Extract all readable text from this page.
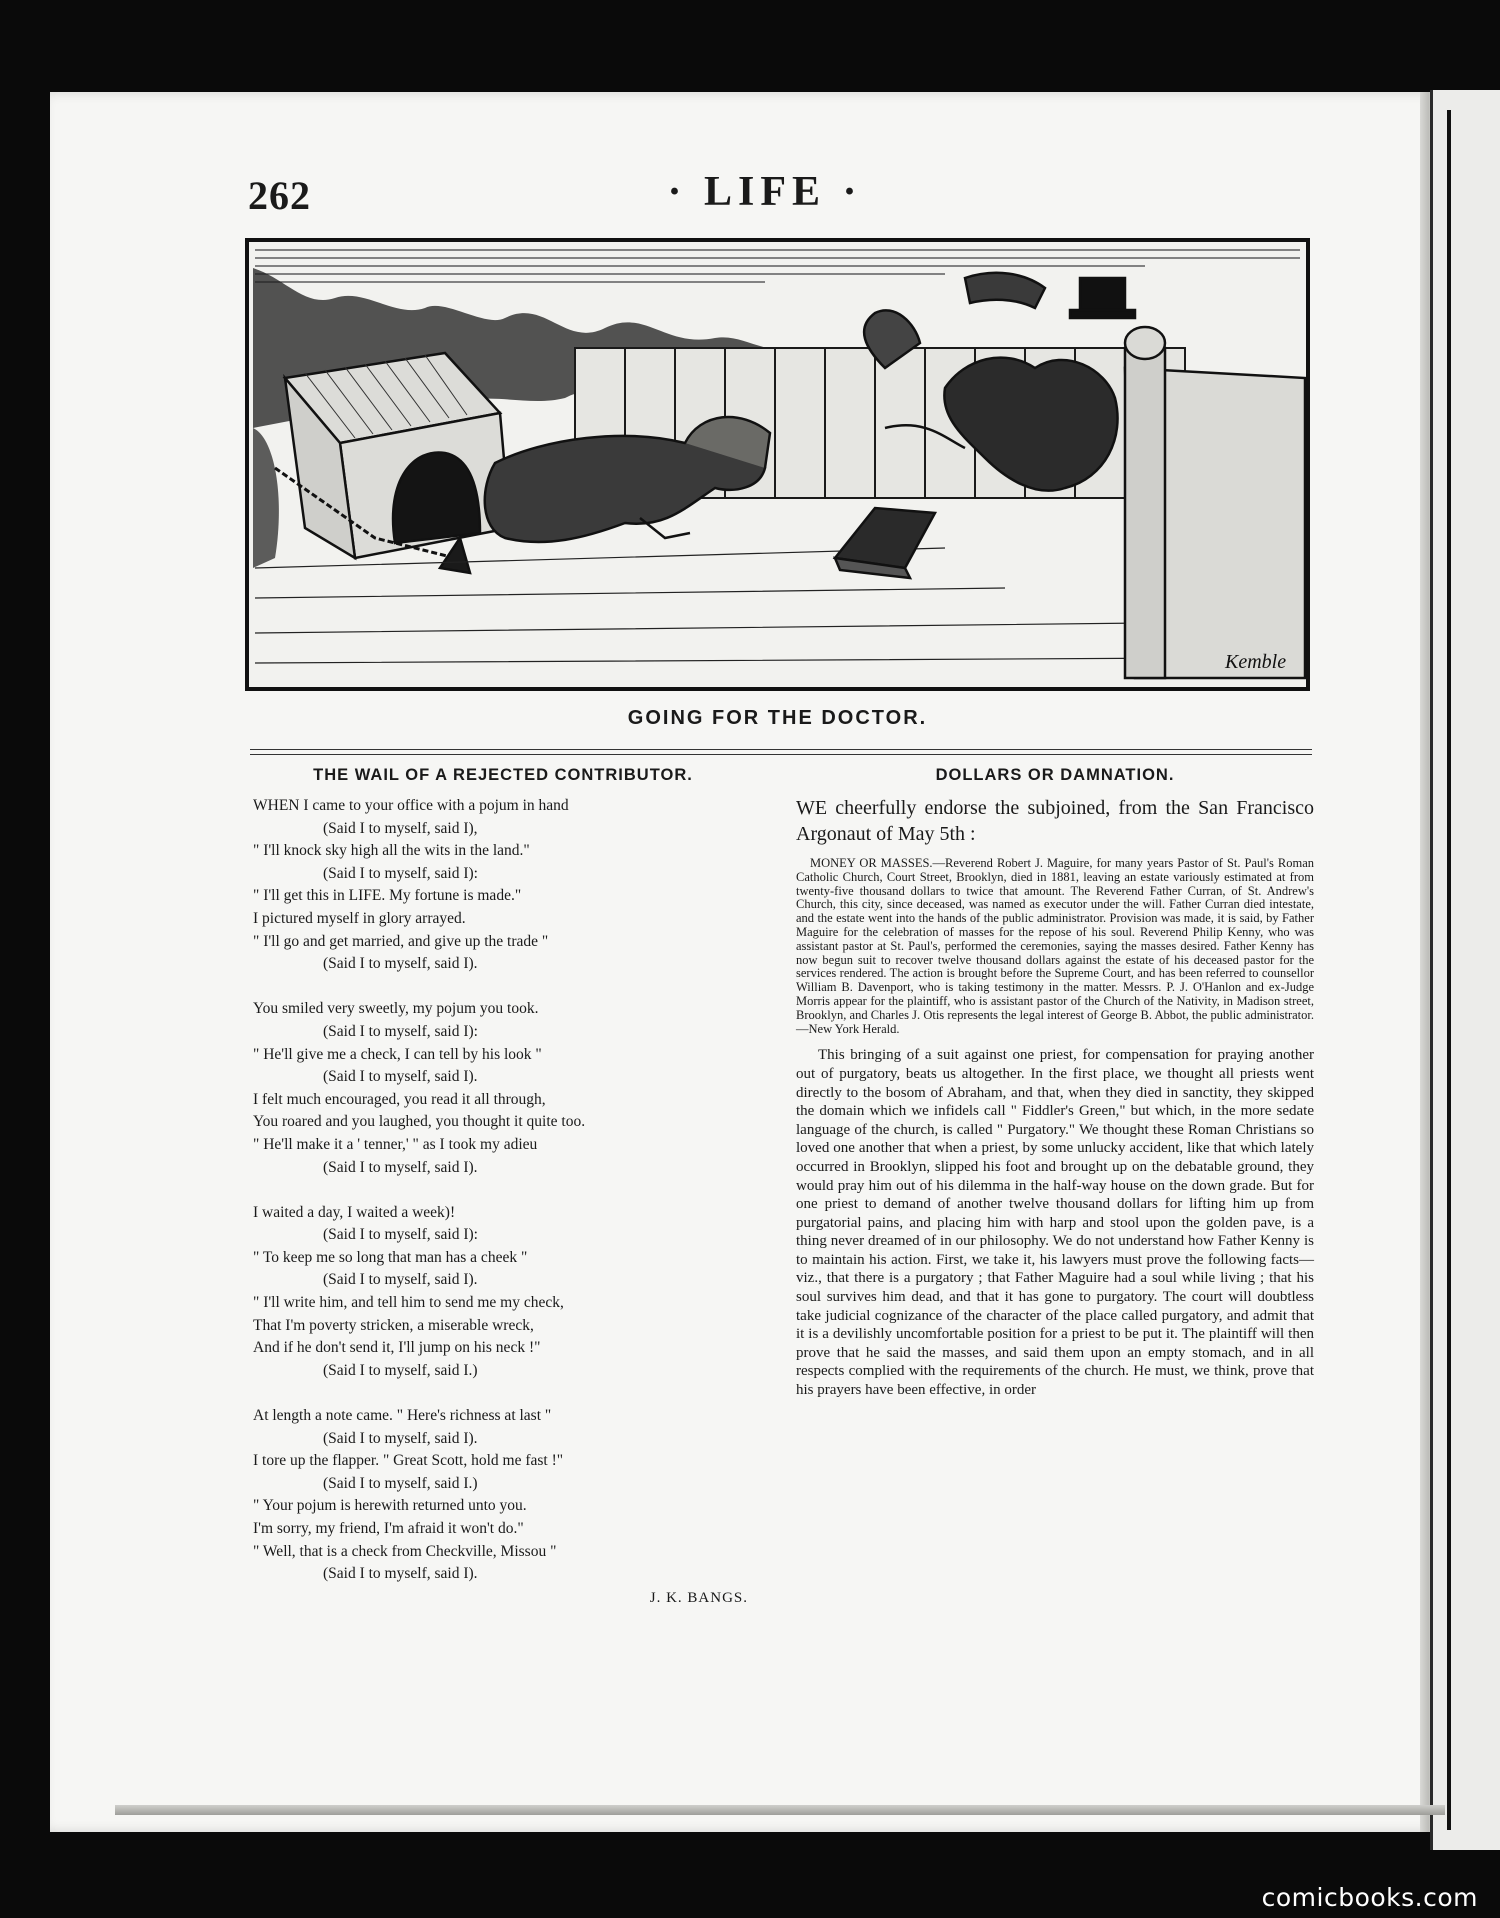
262	· LIFE ·
Kemble
GOING FOR THE DOCTOR.
THE WAIL OF A REJECTED CONTRIBUTOR.
WHEN I came to your office with a pojum in hand
(Said I to myself, said I),
" I'll knock sky high all the wits in the land."
(Said I to myself, said I):
" I'll get this in LIFE. My fortune is made."
I pictured myself in glory arrayed.
" I'll go and get married, and give up the trade "
(Said I to myself, said I).
You smiled very sweetly, my pojum you took.
(Said I to myself, said I):
" He'll give me a check, I can tell by his look "
(Said I to myself, said I).
I felt much encouraged, you read it all through,
You roared and you laughed, you thought it quite too.
" He'll make it a ' tenner,' " as I took my adieu
(Said I to myself, said I).
I waited a day, I waited a week)!
(Said I to myself, said I):
" To keep me so long that man has a cheek "
(Said I to myself, said I).
" I'll write him, and tell him to send me my check,
That I'm poverty stricken, a miserable wreck,
And if he don't send it, I'll jump on his neck !"
(Said I to myself, said I.)
At length a note came. " Here's richness at last "
(Said I to myself, said I).
I tore up the flapper. " Great Scott, hold me fast !"
(Said I to myself, said I.)
" Your pojum is herewith returned unto you.
I'm sorry, my friend, I'm afraid it won't do."
" Well, that is a check from Checkville, Missou "
(Said I to myself, said I).
J. K. BANGS.
DOLLARS OR DAMNATION.
WE cheerfully endorse the subjoined, from the San Francisco Argonaut of May 5th :
MONEY OR MASSES.—Reverend Robert J. Maguire, for many years Pastor of St. Paul's Roman Catholic Church, Court Street, Brooklyn, died in 1881, leaving an estate variously estimated at from twenty-five thousand dollars to twice that amount. The Reverend Father Curran, of St. Andrew's Church, this city, since deceased, was named as executor under the will. Father Curran died intestate, and the estate went into the hands of the public administrator. Provision was made, it is said, by Father Maguire for the celebration of masses for the repose of his soul. Reverend Philip Kenny, who was assistant pastor at St. Paul's, performed the ceremonies, saying the masses desired. Father Kenny has now begun suit to recover twelve thousand dollars against the estate of his deceased pastor for the services rendered. The action is brought before the Supreme Court, and has been referred to counsellor William B. Davenport, who is taking testimony in the matter. Messrs. P. J. O'Hanlon and ex-Judge Morris appear for the plaintiff, who is assistant pastor of the Church of the Nativity, in Madison street, Brooklyn, and Charles J. Otis represents the legal interest of George B. Abbot, the public administrator.—New York Herald.
This bringing of a suit against one priest, for compensation for praying another out of purgatory, beats us altogether. In the first place, we thought all priests went directly to the bosom of Abraham, and that, when they died in sanctity, they skipped the domain which we infidels call " Fiddler's Green," but which, in the more sedate language of the church, is called " Purgatory." We thought these Roman Christians so loved one another that when a priest, by some unlucky accident, like that which lately occurred in Brooklyn, slipped his foot and brought up on the debatable ground, they would pray him out of his dilemma in the half-way house on the down grade. But for one priest to demand of another twelve thousand dollars for lifting him up from purgatorial pains, and placing him with harp and stool upon the golden pave, is a thing never dreamed of in our philosophy. We do not understand how Father Kenny is to maintain his action. First, we take it, his lawyers must prove the following facts—viz., that there is a purgatory ; that Father Maguire had a soul while living ; that his soul survives him dead, and that it has gone to purgatory. The court will doubtless take judicial cognizance of the character of the place called purgatory, and admit that it is a devilishly uncomfortable position for a priest to be put it. The plaintiff will then prove that he said the masses, and said them upon an empty stomach, and in all respects complied with the requirements of the church. He must, we think, prove that his prayers have been effective, in order
comicbooks.com
